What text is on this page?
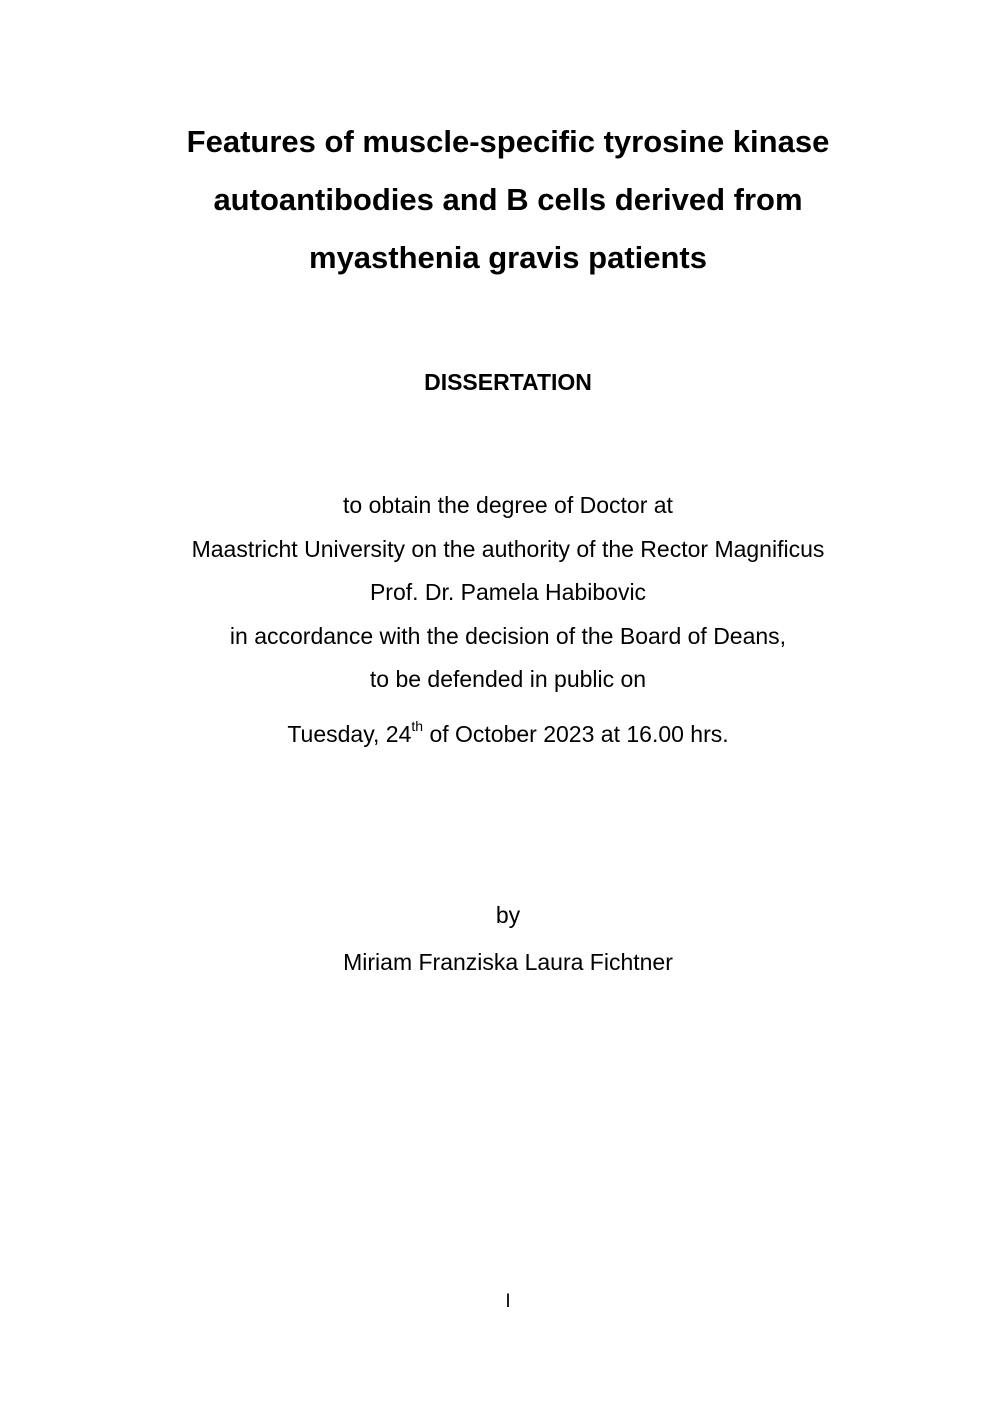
Features of muscle-specific tyrosine kinase
autoantibodies and B cells derived from
myasthenia gravis patients
DISSERTATION
to obtain the degree of Doctor at
Maastricht University on the authority of the Rector Magnificus
Prof. Dr. Pamela Habibovic
in accordance with the decision of the Board of Deans,
to be defended in public on
Tuesday, 24th of October 2023 at 16.00 hrs.
by
Miriam Franziska Laura Fichtner
I
